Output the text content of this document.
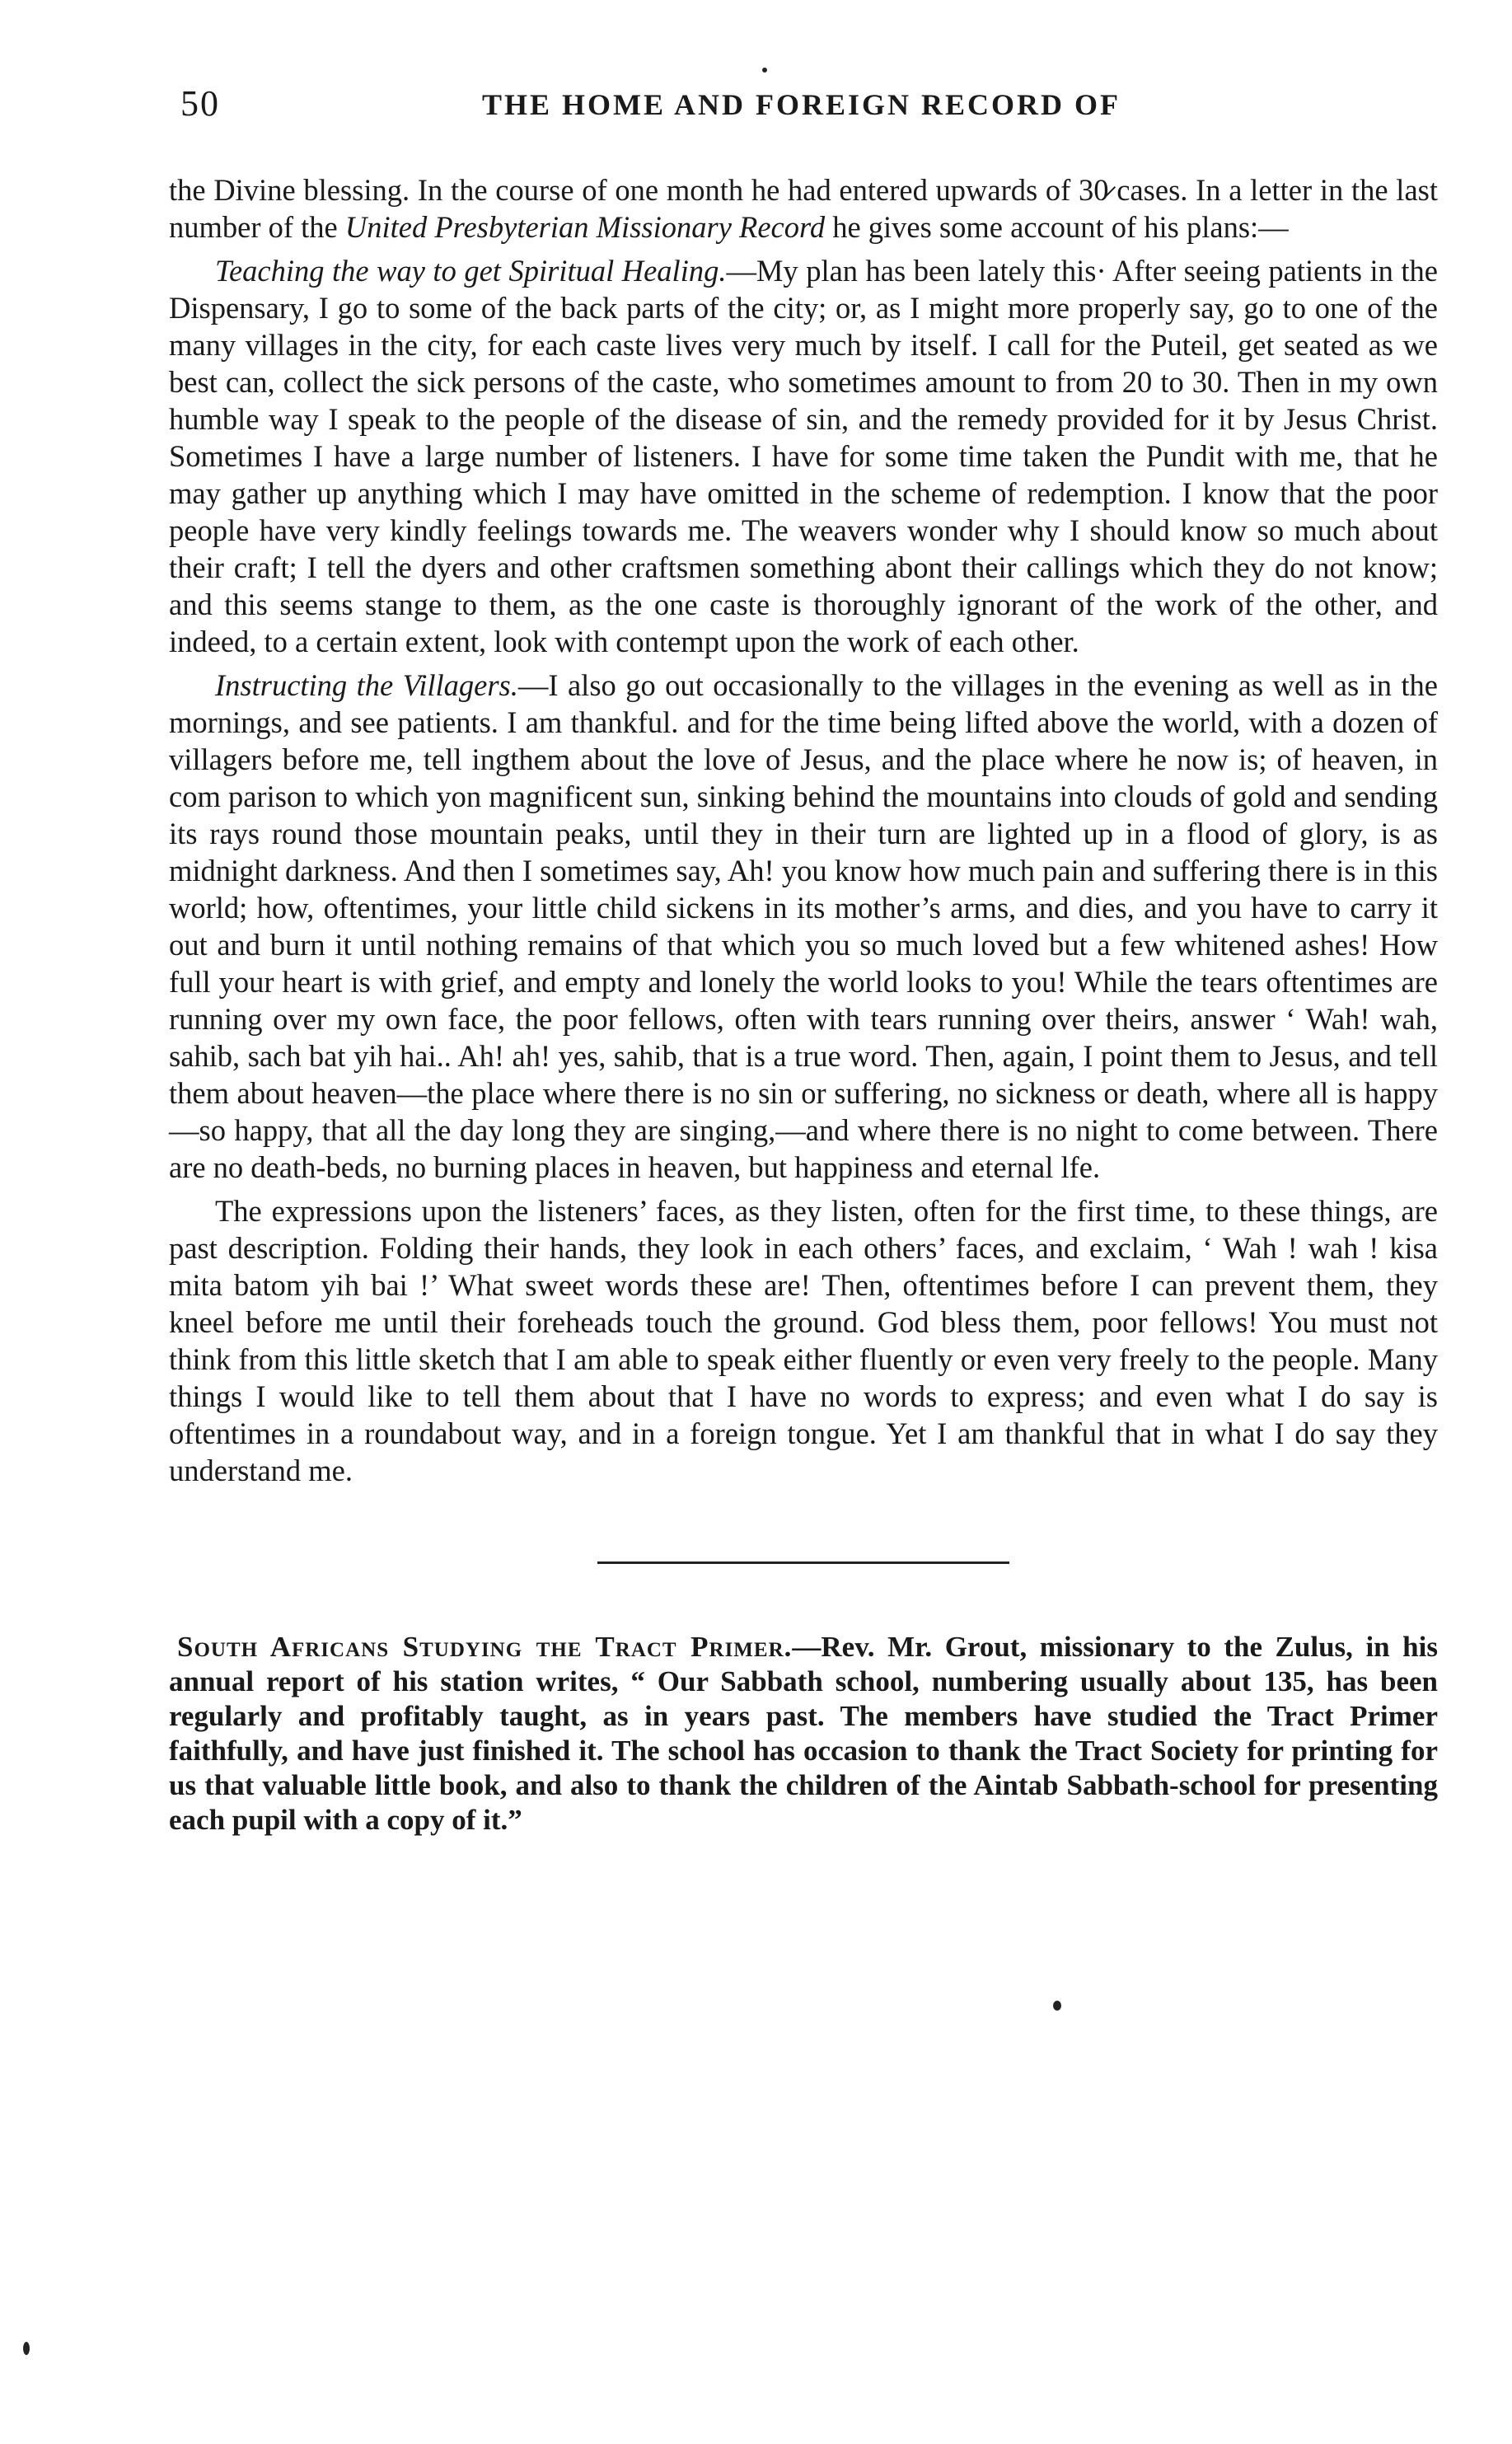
50	THE HOME AND FOREIGN RECORD OF

the Divine blessing. In the course of one month he had entered upwards of 30̷ cases. In a letter in the last number of the United Presbyterian Missionary Record he gives some account of his plans:—

Teaching the way to get Spiritual Healing.—My plan has been lately this· After seeing patients in the Dispensary, I go to some of the back parts of the city; or, as I might more properly say, go to one of the many villages in the city, for each caste lives very much by itself. I call for the Puteil, get seated as we best can, collect the sick persons of the caste, who sometimes amount to from 20 to 30. Then in my own humble way I speak to the people of the disease of sin, and the remedy provided for it by Jesus Christ. Sometimes I have a large number of listeners. I have for some time taken the Pundit with me, that he may gather up anything which I may have omitted in the scheme of redemption. I know that the poor people have very kindly feelings towards me. The weavers wonder why I should know so much about their craft; I tell the dyers and other craftsmen something abont their callings which they do not know; and this seems stange to them, as the one caste is thoroughly ignorant of the work of the other, and indeed, to a certain extent, look with contempt upon the work of each other.

Instructing the Villagers.—I also go out occasionally to the villages in the evening as well as in the mornings, and see patients. I am thankful. and for the time being lifted above the world, with a dozen of villagers before me, tell ingthem about the love of Jesus, and the place where he now is; of heaven, in com parison to which yon magnificent sun, sinking behind the mountains into clouds of gold and sending its rays round those mountain peaks, until they in their turn are lighted up in a flood of glory, is as midnight darkness. And then I sometimes say, Ah! you know how much pain and suffering there is in this world; how, oftentimes, your little child sickens in its mother’s arms, and dies, and you have to carry it out and burn it until nothing remains of that which you so much loved but a few whitened ashes! How full your heart is with grief, and empty and lonely the world looks to you! While the tears oftentimes are running over my own face, the poor fellows, often with tears running over theirs, answer ‘ Wah! wah, sahib, sach bat yih hai.. Ah! ah! yes, sahib, that is a true word. Then, again, I point them to Jesus, and tell them about heaven—the place where there is no sin or suffering, no sickness or death, where all is happy —so happy, that all the day long they are singing,—and where there is no night to come between. There are no death-beds, no burning places in heaven, but happiness and eternal lfe.

The expressions upon the listeners’ faces, as they listen, often for the first time, to these things, are past description. Folding their hands, they look in each others’ faces, and exclaim, ‘ Wah ! wah ! kisa mita batom yih bai !’ What sweet words these are! Then, oftentimes before I can prevent them, they kneel before me until their foreheads touch the ground. God bless them, poor fellows! You must not think from this little sketch that I am able to speak either fluently or even very freely to the people. Many things I would like to tell them about that I have no words to express; and even what I do say is oftentimes in a roundabout way, and in a foreign tongue. Yet I am thankful that in what I do say they understand me.

South Africans Studying the Tract Primer.—Rev. Mr. Grout, missionary to the Zulus, in his annual report of his station writes, “ Our Sabbath school, numbering usually about 135, has been regularly and profitably taught, as in years past. The members have studied the Tract Primer faithfully, and have just finished it. The school has occasion to thank the Tract Society for printing for us that valuable little book, and also to thank the children of the Aintab Sabbath-school for presenting each pupil with a copy of it.”
